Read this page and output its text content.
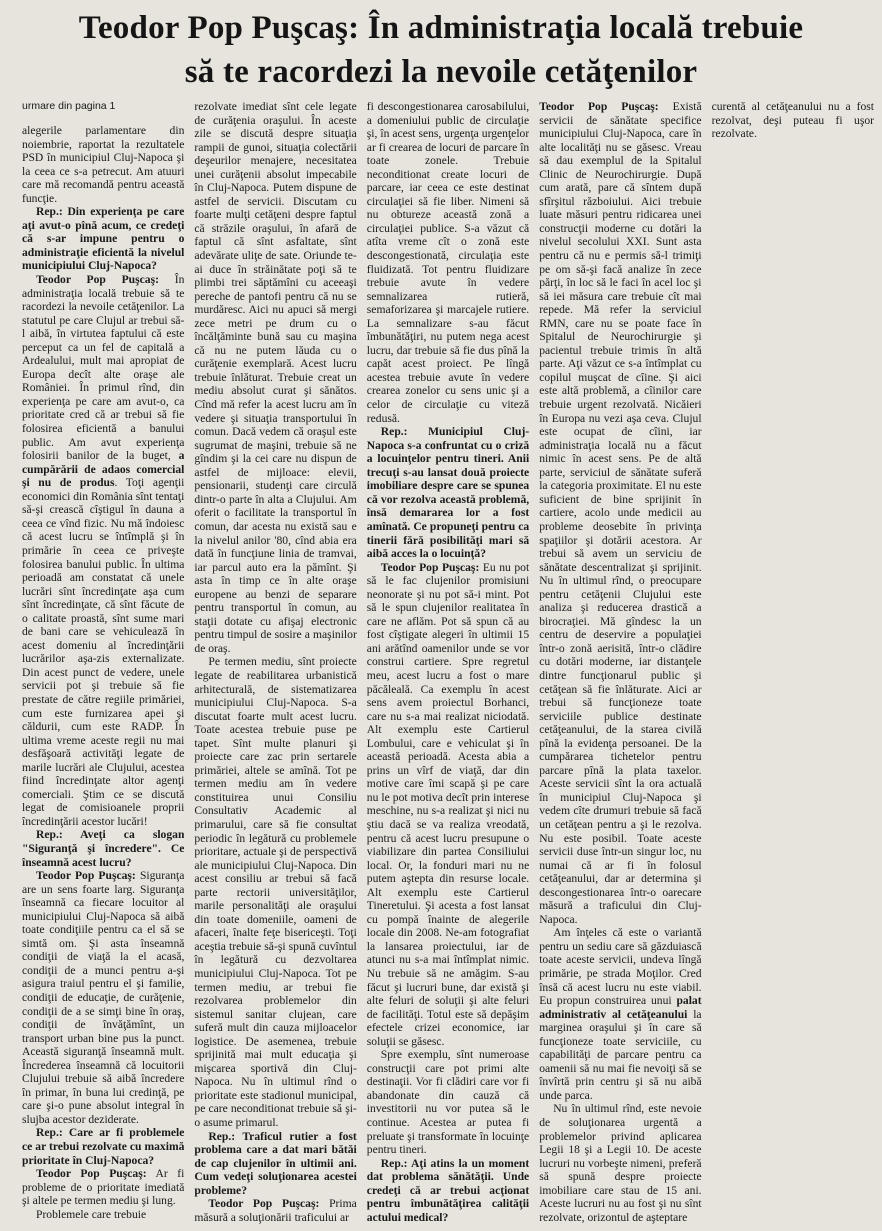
Teodor Pop Puşcaş: În administraţia locală trebuie
să te racordezi la nevoile cetăţenilor
urmare din pagina 1

alegerile parlamentare din noiembrie, raportat la rezultatele PSD în municipiul Cluj-Napoca şi la ceea ce s-a petrecut. Am atuuri care mă recomandă pentru această funcţie.

Rep.: Din experienţa pe care aţi avut-o pînă acum, ce credeţi că s-ar impune pentru o administraţie eficientă la nivelul municipiului Cluj-Napoca?

Teodor Pop Puşcaş: În administraţia locală trebuie să te racordezi la nevoile cetăţenilor. La statutul pe care Clujul ar trebui să-l aibă, în virtutea faptului că este perceput ca un fel de capitală a Ardealului, mult mai apropiat de Europa decît alte oraşe ale României. În primul rînd, din experienţa pe care am avut-o, ca prioritate cred că ar trebui să fie folosirea eficientă a banului public. Am avut experienţa folosirii banilor de la buget, a cumpărării de adaos comercial şi nu de produs. Toţi agenţii economici din România sînt tentaţi să-şi crească cîştigul în dauna a ceea ce vînd fizic. Nu mă îndoiesc că acest lucru se întîmplă şi în primărie în ceea ce priveşte folosirea banului public. În ultima perioadă am constatat că unele lucrări sînt încredinţate aşa cum sînt încredinţate, că sînt făcute de o calitate proastă, sînt sume mari de bani care se vehiculează în acest domeniu al încredinţării lucrărilor aşa-zis externalizate. Din acest punct de vedere, unele servicii pot şi trebuie să fie prestate de către regiile primăriei, cum este furnizarea apei şi căldurii, cum este RADP. În ultima vreme aceste regii nu mai desfăşoară activităţi legate de marile lucrări ale Clujului, acestea fiind încredinţate altor agenţi comerciali. Ştim ce se discută legat de comisioanele proprii încredinţării acestor lucări!

Rep.: Aveţi ca slogan "Siguranţă şi încredere". Ce înseamnă acest lucru?

Teodor Pop Puşcaş: Siguranţa are un sens foarte larg. Siguranţa înseamnă ca fiecare locuitor al municipiului Cluj-Napoca să aibă toate condiţiile pentru ca el să se simtă om. Şi asta înseamnă condiţii de viaţă la el acasă, condiţii de a munci pentru a-şi asigura traiul pentru el şi familie, condiţii de educaţie, de curăţenie, condiţii de a se simţi bine în oraş, condiţii de învăţămînt, un transport urban bine pus la punct. Această siguranţă înseamnă mult. Încrederea înseamnă că locuitorii Clujului trebuie să aibă încredere în primar, în buna lui credinţă, pe care şi-o pune absolut integral în slujba acestor deziderate.

Rep.: Care ar fi problemele ce ar trebui rezolvate cu maximă prioritate în Cluj-Napoca?

Teodor Pop Puşcaş: Ar fi probleme de o prioritate imediată şi altele pe termen mediu şi lung.

Problemele care trebuie

rezolvate imediat sînt cele legate de curăţenia oraşului. În aceste zile se discută despre situaţia rampii de gunoi, situaţia colectării deşeurilor menajere, necesitatea unei curăţenii absolut impecabile în Cluj-Napoca. Putem dispune de astfel de servicii. Discutam cu foarte mulţi cetăţeni despre faptul că străzile oraşului, în afară de faptul că sînt asfaltate, sînt adevărate uliţe de sate. Oriunde te-ai duce în străinătate poţi să te plimbi trei săptămîni cu aceeaşi pereche de pantofi pentru că nu se murdăresc. Aici nu apuci să mergi zece metri pe drum cu o încălţăminte bună sau cu maşina că nu ne putem lăuda cu o curăţenie exemplară. Acest lucru trebuie înlăturat. Trebuie creat un mediu absolut curat şi sănătos. Cînd mă refer la acest lucru am în vedere şi situaţia transportului în comun. Dacă vedem că oraşul este sugrumat de maşini, trebuie să ne gîndim şi la cei care nu dispun de astfel de mijloace: elevii, pensionarii, studenţi care circulă dintr-o parte în alta a Clujului. Am oferit o facilitate la transportul în comun, dar acesta nu există sau e la nivelul anilor '80, cînd abia era dată în funcţiune linia de tramvai, iar parcul auto era la pămînt. Şi asta în timp ce în alte oraşe europene au benzi de separare pentru transportul în comun, au staţii dotate cu afişaj electronic pentru timpul de sosire a maşinilor de oraş.

Pe termen mediu, sînt proiecte legate de reabilitarea urbanistică arhitecturală, de sistematizarea municipiului Cluj-Napoca. S-a discutat foarte mult acest lucru. Toate acestea trebuie puse pe tapet. Sînt multe planuri şi proiecte care zac prin sertarele primăriei, altele se amînă. Tot pe termen mediu am în vedere constituirea unui Consiliu Consultativ Academic al primarului, care să fie consultat periodic în legătură cu problemele prioritare, actuale şi de perspectivă ale municipiului Cluj-Napoca. Din acest consiliu ar trebui să facă parte rectorii universităţilor, marile personalităţi ale oraşului din toate domeniile, oameni de afaceri, înalte feţe bisericeşti. Toţi aceştia trebuie să-şi spună cuvîntul în legătură cu dezvoltarea municipiului Cluj-Napoca. Tot pe termen mediu, ar trebui fie rezolvarea problemelor din sistemul sanitar clujean, care suferă mult din cauza mijloacelor logistice. De asemenea, trebuie sprijinită mai mult educaţia şi mişcarea sportivă din Cluj-Napoca. Nu în ultimul rînd o prioritate este stadionul municipal, pe care neconditionat trebuie să şi-o asume primarul.

Rep.: Traficul rutier a fost problema care a dat mari bătăi de cap clujenilor în ultimii ani. Cum vedeţi soluţionarea acestei probleme?

Teodor Pop Puşcaş: Prima măsură a soluţionării traficului ar

fi descongestionarea carosabilului, a domeniului public de circulaţie şi, în acest sens, urgenţa urgenţelor ar fi crearea de locuri de parcare în toate	zonele.	Trebuie neconditionat create locuri de parcare, iar ceea ce este destinat circulaţiei să fie liber. Nimeni să nu obtureze această zonă a circulaţiei publice. S-a văzut că atîta vreme cît o zonă este descongestionată, circulaţia este fluidizată. Tot pentru fluidizare trebuie avute în vedere semnalizarea	rutieră, semaforizarea şi marcajele rutiere. La semnalizare s-au făcut îmbunătăţiri, nu putem nega acest lucru, dar trebuie să fie dus pînă la capăt acest proiect. Pe lîngă acestea trebuie avute în vedere crearea zonelor cu sens unic şi a celor de circulaţie cu viteză redusă.

Rep.: Municipiul Cluj-Napoca s-a confruntat cu o criză a locuinţelor pentru tineri. Anii trecuţi s-au lansat două proiecte imobiliare despre care se spunea că vor rezolva această problemă, însă demararea lor a fost amînată. Ce propuneţi pentru ca tinerii fără posibilităţi mari să aibă acces la o locuinţă?

Teodor Pop Puşcaş: Eu nu pot să le fac clujenilor promisiuni neonorate şi nu pot să-i mint. Pot să le spun clujenilor realitatea în care ne aflăm. Pot să spun că au fost cîştigate alegeri în ultimii 15 ani arătînd oamenilor unde se vor construi cartiere. Spre regretul meu, acest lucru a fost o mare păcăleală. Ca exemplu în acest sens avem proiectul Borhanci, care nu s-a mai realizat niciodată. Alt exemplu este Cartierul Lombului, care e vehiculat şi în această perioadă. Acesta abia a prins un vîrf de viaţă, dar din motive care îmi scapă şi pe care nu le pot motiva decît prin interese meschine, nu s-a realizat şi nici nu ştiu dacă se va realiza vreodată, pentru că acest lucru presupune o viabilizare din partea Consiliului local. Or, la fonduri mari nu ne putem aştepta din resurse locale. Alt exemplu este Cartierul Tineretului. Şi acesta a fost lansat cu pompă înainte de alegerile locale din 2008. Ne-am fotografiat la lansarea proiectului, iar de atunci nu s-a mai întîmplat nimic. Nu trebuie să ne amăgim. S-au făcut şi lucruri bune, dar există şi alte feluri de soluţii şi alte feluri de facilităţi. Totul este să depăşim efectele crizei economice, iar soluţii se găsesc.

Spre exemplu, sînt numeroase construcţii care pot primi alte destinaţii. Vor fi clădiri care vor fi abandonate din cauză că investitorii nu vor putea să le continue. Acestea ar putea fi preluate şi transformate în locuinţe pentru tineri.

Rep.: Aţi atins la un moment dat problema sănătăţii. Unde credeţi că ar trebui acţionat pentru îmbunătăţirea calităţii actului medical?

Teodor Pop Puşcaş: Există servicii de sănătate specifice municipiului Cluj-Napoca, care în alte localităţi nu se găsesc. Vreau să dau exemplul de la Spitalul Clinic de Neurochirurgie. După cum arată, pare că sîntem după sfîrşitul războiului. Aici trebuie luate măsuri pentru ridicarea unei construcţii moderne cu dotări la nivelul secolului XXI. Sunt asta pentru că nu e permis să-l trimiţi pe om să-şi facă analize în zece părţi, în loc să le faci în acel loc şi să iei măsura care trebuie cît mai repede. Mă refer la serviciul RMN, care nu se poate face în Spitalul de Neurochirurgie şi pacientul trebuie trimis în altă parte. Aţi văzut ce s-a întîmplat cu copilul muşcat de cîine. Şi aici este altă problemă, a cîinilor care trebuie urgent rezolvată. Nicăieri în Europa nu vezi aşa ceva. Clujul este ocupat de cîini, iar administraţia locală nu a făcut nimic în acest sens. Pe de altă parte, serviciul de sănătate suferă la categoria proximitate. El nu este suficient de bine sprijinit în cartiere, acolo unde medicii au probleme deosebite în privinţa spaţiilor şi dotării acestora. Ar trebui să avem un serviciu de sănătate descentralizat şi sprijinit. Nu în ultimul rînd, o preocupare pentru cetăţenii Clujului este analiza şi reducerea drastică a birocraţiei. Mă gîndesc la un centru de deservire a populaţiei într-o zonă aerisită, într-o clădire cu dotări moderne, iar distanţele dintre funcţionarul public şi cetăţean să fie înlăturate. Aici ar trebui să funcţioneze toate serviciile publice destinate cetăţeanului, de la starea civilă pînă la evidenţa persoanei. De la cumpărarea tichetelor pentru parcare pînă la plata taxelor. Aceste servicii sînt la ora actuală în municipiul Cluj-Napoca şi vedem cîte drumuri trebuie să facă un cetăţean pentru a şi le rezolva. Nu este posibil. Toate aceste servicii duse într-un singur loc, nu numai că ar fi în folosul cetăţeanului, dar ar determina şi descongestionarea într-o oarecare măsură a traficului din Cluj-Napoca.

Am înţeles că este o variantă pentru un sediu care să găzduiască toate aceste servicii, undeva lîngă primărie, pe strada Moţilor. Cred însă că acest lucru nu este viabil. Eu propun construirea unui palat administrativ al cetăţeanului la marginea oraşului şi în care să funcţioneze toate serviciile, cu capabilităţi de parcare pentru ca oamenii să nu mai fie nevoiţi să se învîrtă prin centru şi să nu aibă unde parca.

Nu în ultimul rînd, este nevoie de soluţionarea urgentă a problemelor privind aplicarea Legii 18 şi a Legii 10. De aceste lucruri nu vorbeşte nimeni, preferă să spună despre proiecte imobiliare care stau de 15 ani. Aceste lucruri nu au fost şi nu sînt rezolvate, orizontul de aşteptare

curentă al cetăţeanului nu a fost rezolvat, deşi puteau fi uşor rezolvate.
